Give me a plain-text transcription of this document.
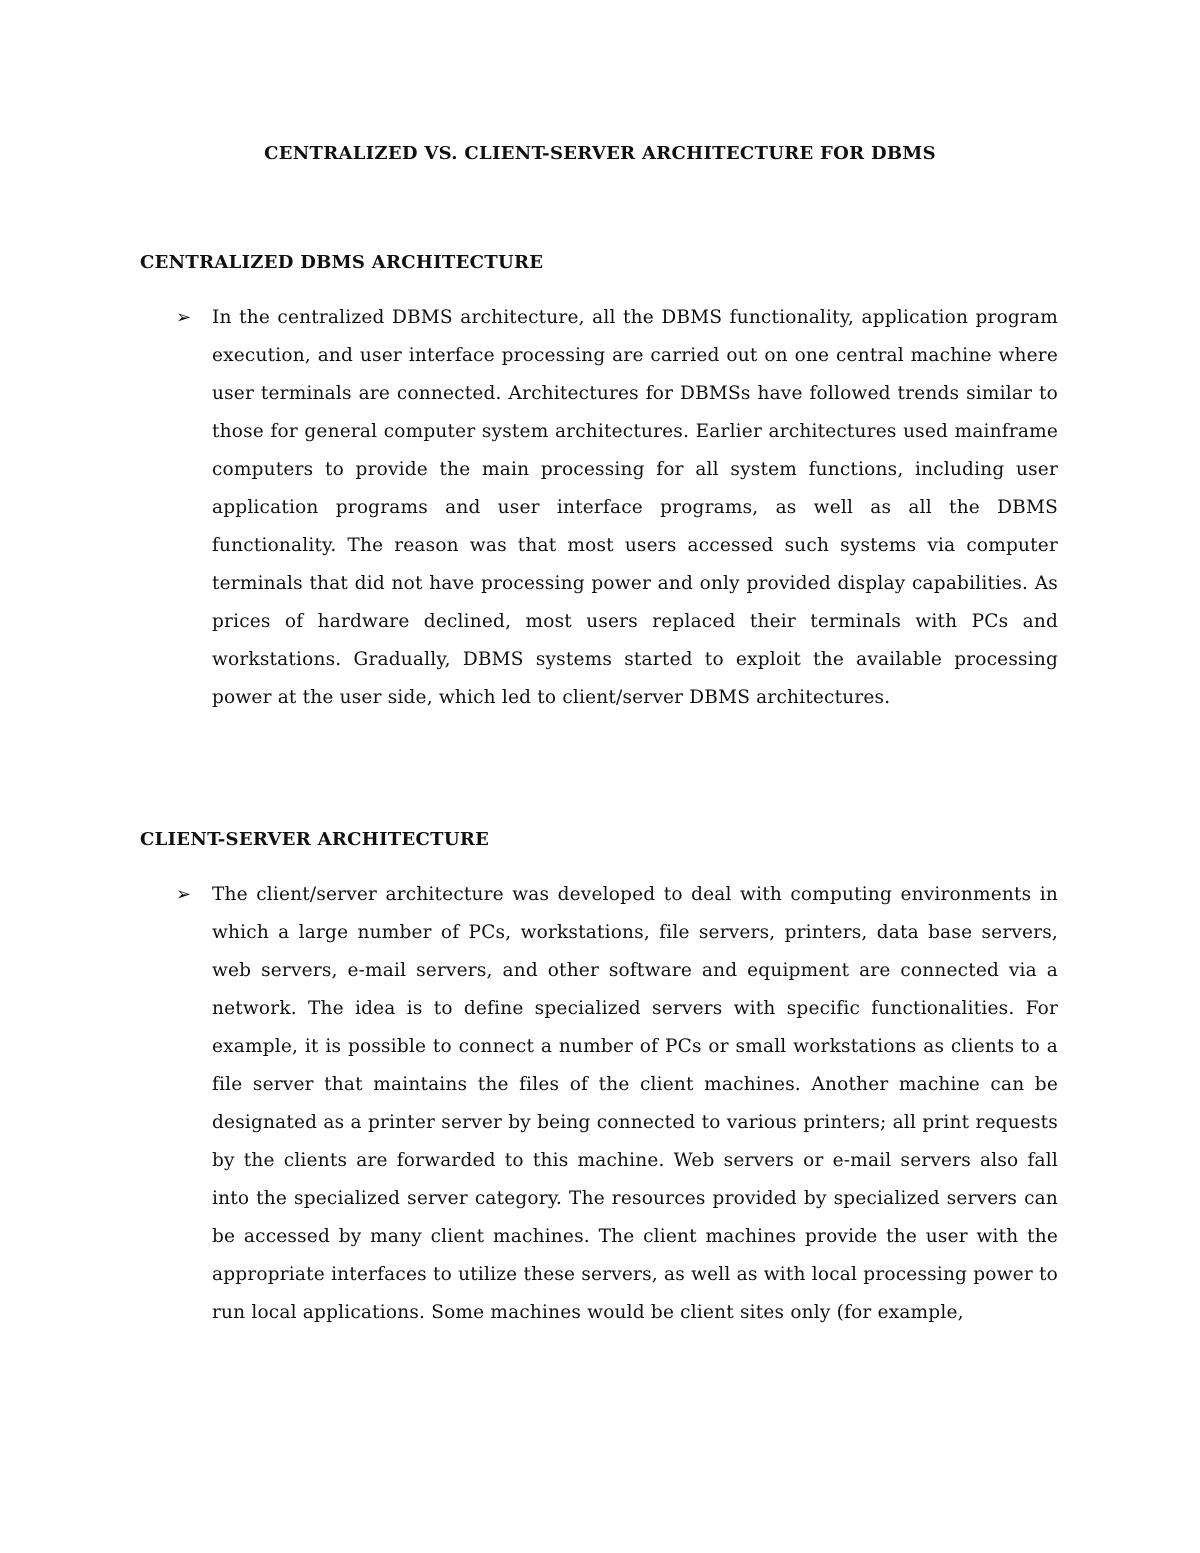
CENTRALIZED VS. CLIENT-SERVER ARCHITECTURE FOR DBMS
CENTRALIZED DBMS ARCHITECTURE
➢ In the centralized DBMS architecture, all the DBMS functionality, application program execution, and user interface processing are carried out on one central machine where user terminals are connected. Architectures for DBMSs have followed trends similar to those for general computer system architectures. Earlier architectures used mainframe computers to provide the main processing for all system functions, including user application programs and user interface programs, as well as all the DBMS functionality. The reason was that most users accessed such systems via computer terminals that did not have processing power and only provided display capabilities. As prices of hardware declined, most users replaced their terminals with PCs and workstations. Gradually, DBMS systems started to exploit the available processing power at the user side, which led to client/server DBMS architectures.

CLIENT-SERVER ARCHITECTURE
➢ The client/server architecture was developed to deal with computing environments in which a large number of PCs, workstations, file servers, printers, data base servers, web servers, e-mail servers, and other software and equipment are connected via a network. The idea is to define specialized servers with specific functionalities. For example, it is possible to connect a number of PCs or small workstations as clients to a file server that maintains the files of the client machines. Another machine can be designated as a printer server by being connected to various printers; all print requests by the clients are forwarded to this machine. Web servers or e-mail servers also fall into the specialized server category. The resources provided by specialized servers can be accessed by many client machines. The client machines provide the user with the appropriate interfaces to utilize these servers, as well as with local processing power to run local applications. Some machines would be client sites only (for example,
